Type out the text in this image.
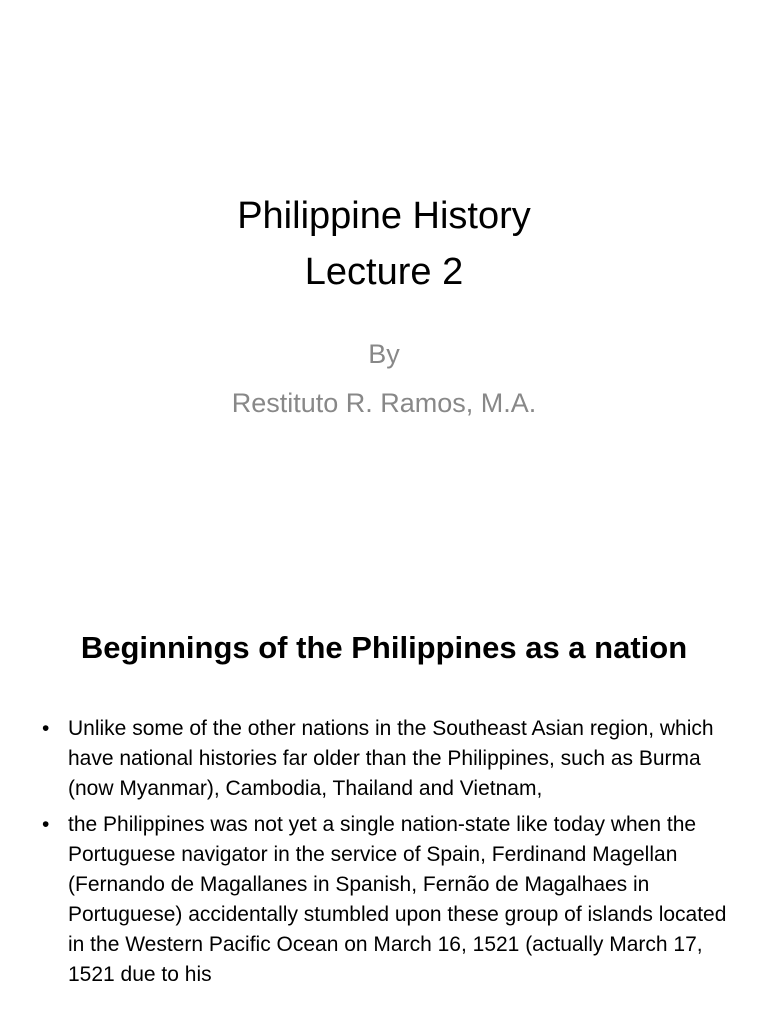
Philippine History
Lecture 2
By
Restituto R. Ramos, M.A.
Beginnings of the Philippines as a nation
• Unlike some of the other nations in the Southeast Asian region, which have national histories far older than the Philippines, such as Burma (now Myanmar), Cambodia, Thailand and Vietnam,
• the Philippines was not yet a single nation-state like today when the Portuguese navigator in the service of Spain, Ferdinand Magellan (Fernando de Magallanes in Spanish, Fernão de Magalhaes in Portuguese) accidentally stumbled upon these group of islands located in the Western Pacific Ocean on March 16, 1521 (actually March 17, 1521 due to his
